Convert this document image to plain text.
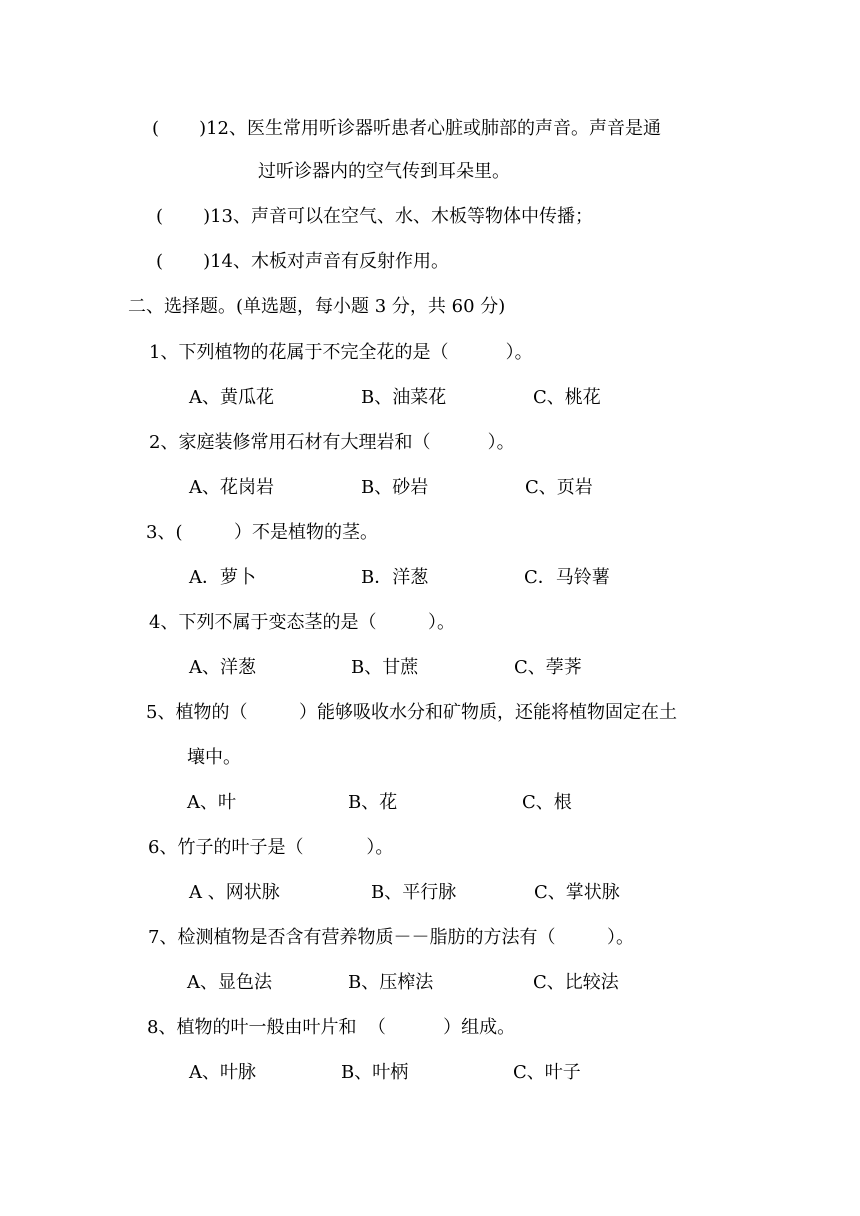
(       )12、医生常用听诊器听患者心脏或肺部的声音。声音是通
过听诊器内的空气传到耳朵里。
(       )13、声音可以在空气、水、木板等物体中传播；
(       )14、木板对声音有反射作用。
二、选择题。(单选题，每小题 3 分，共 60 分)
1、下列植物的花属于不完全花的是（          ）。
A、黄瓜花	B、油菜花	C、桃花
2、家庭装修常用石材有大理岩和（          ）。
A、花岗岩	B、砂岩	C、页岩
3、(         ）不是植物的茎。
A．萝卜	B．洋葱	C．马铃薯
4、下列不属于变态茎的是（         ）。
A、洋葱	B、甘蔗	C、荸荠
5、植物的（         ）能够吸收水分和矿物质，还能将植物固定在土
壤中。
A、叶	B、花	C、根
6、竹子的叶子是（           ）。
A 、网状脉	B、平行脉	C、掌状脉
7、检测植物是否含有营养物质－－脂肪的方法有（         ）。
A、显色法	B、压榨法	C、比较法
8、植物的叶一般由叶片和  （          ）组成。
A、叶脉	B、叶柄	C、叶子
